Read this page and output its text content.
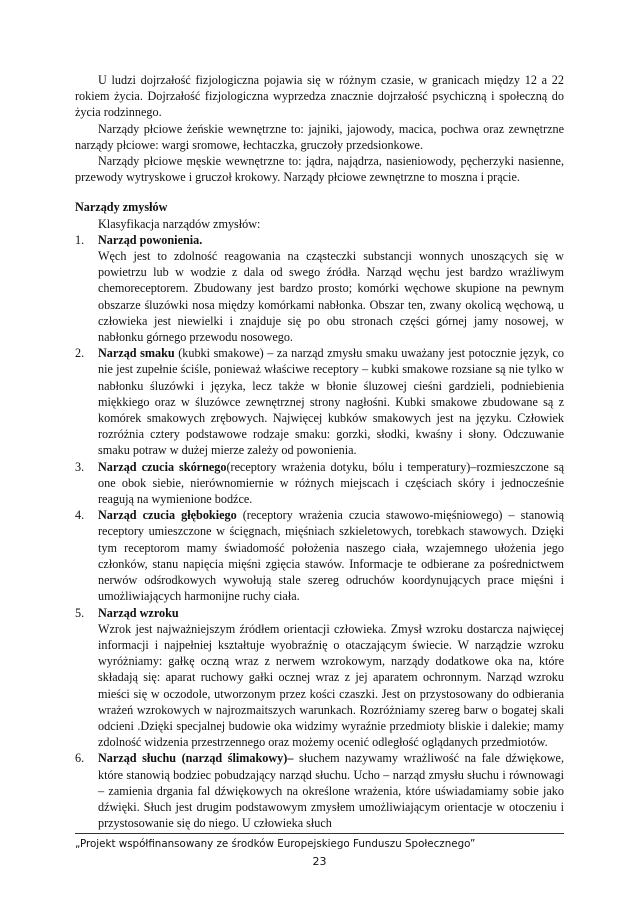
U ludzi dojrzałość fizjologiczna pojawia się w różnym czasie, w granicach między 12 a 22 rokiem życia. Dojrzałość fizjologiczna wyprzedza znacznie dojrzałość psychiczną i społeczną do życia rodzinnego.

Narządy płciowe żeńskie wewnętrzne to: jajniki, jajowody, macica, pochwa oraz zewnętrzne narządy płciowe: wargi sromowe, łechtaczka, gruczoły przedsionkowe.

Narządy płciowe męskie wewnętrzne to: jądra, najądrza, nasieniowody, pęcherzyki nasienne, przewody wytryskowe i gruczoł krokowy. Narządy płciowe zewnętrzne to moszna i prącie.

Narządy zmysłów

Klasyfikacja narządów zmysłów:

1. Narząd powonienia.

Węch jest to zdolność reagowania na cząsteczki substancji wonnych unoszących się w powietrzu lub w wodzie z dala od swego źródła. Narząd węchu jest bardzo wrażliwym chemoreceptorem. Zbudowany jest bardzo prosto; komórki węchowe skupione na pewnym obszarze śluzówki nosa między komórkami nabłonka. Obszar ten, zwany okolicą węchową, u człowieka jest niewielki i znajduje się po obu stronach części górnej jamy nosowej, w nabłonku górnego przewodu nosowego.

2. Narząd smaku (kubki smakowe) – za narząd zmysłu smaku uważany jest potocznie język, co nie jest zupełnie ściśle, ponieważ właściwe receptory – kubki smakowe rozsiane są nie tylko w nabłonku śluzówki i języka, lecz także w błonie śluzowej cieśni gardzieli, podniebienia miękkiego oraz w śluzówce zewnętrznej strony nagłośni. Kubki smakowe zbudowane są z komórek smakowych zrębowych. Najwięcej kubków smakowych jest na języku. Człowiek rozróżnia cztery podstawowe rodzaje smaku: gorzki, słodki, kwaśny i słony. Odczuwanie smaku potraw w dużej mierze zależy od powonienia.

3. Narząd czucia skórnego(receptory wrażenia dotyku, bólu i temperatury)–rozmieszczone są one obok siebie, nierównomiernie w różnych miejscach i częściach skóry i jednocześnie reagują na wymienione bodźce.

4. Narząd czucia głębokiego (receptory wrażenia czucia stawowo-mięśniowego) – stanowią receptory umieszczone w ścięgnach, mięśniach szkieletowych, torebkach stawowych. Dzięki tym receptorom mamy świadomość położenia naszego ciała, wzajemnego ułożenia jego członków, stanu napięcia mięśni zgięcia stawów. Informacje te odbierane za pośrednictwem nerwów odśrodkowych wywołują stale szereg odruchów koordynujących prace mięśni i umożliwiających harmonijne ruchy ciała.

5. Narząd wzroku

Wzrok jest najważniejszym źródłem orientacji człowieka. Zmysł wzroku dostarcza najwięcej informacji i najpełniej kształtuje wyobraźnię o otaczającym świecie. W narządzie wzroku wyróżniamy: gałkę oczną wraz z nerwem wzrokowym, narządy dodatkowe oka na, które składają się: aparat ruchowy gałki ocznej wraz z jej aparatem ochronnym. Narząd wzroku mieści się w oczodole, utworzonym przez kości czaszki. Jest on przystosowany do odbierania wrażeń wzrokowych w najrozmaitszych warunkach. Rozróżniamy szereg barw o bogatej skali odcieni .Dzięki specjalnej budowie oka widzimy wyraźnie przedmioty bliskie i dalekie; mamy zdolność widzenia przestrzennego oraz możemy ocenić odległość oglądanych przedmiotów.

6. Narząd słuchu (narząd ślimakowy)– słuchem nazywamy wrażliwość na fale dźwiękowe, które stanowią bodziec pobudzający narząd słuchu. Ucho – narząd zmysłu słuchu i równowagi – zamienia drgania fal dźwiękowych na określone wrażenia, które uświadamiamy sobie jako dźwięki. Słuch jest drugim podstawowym zmysłem umożliwiającym orientacje w otoczeniu i przystosowanie się do niego. U człowieka słuch

„Projekt współfinansowany ze środków Europejskiego Funduszu Społecznego”
23
